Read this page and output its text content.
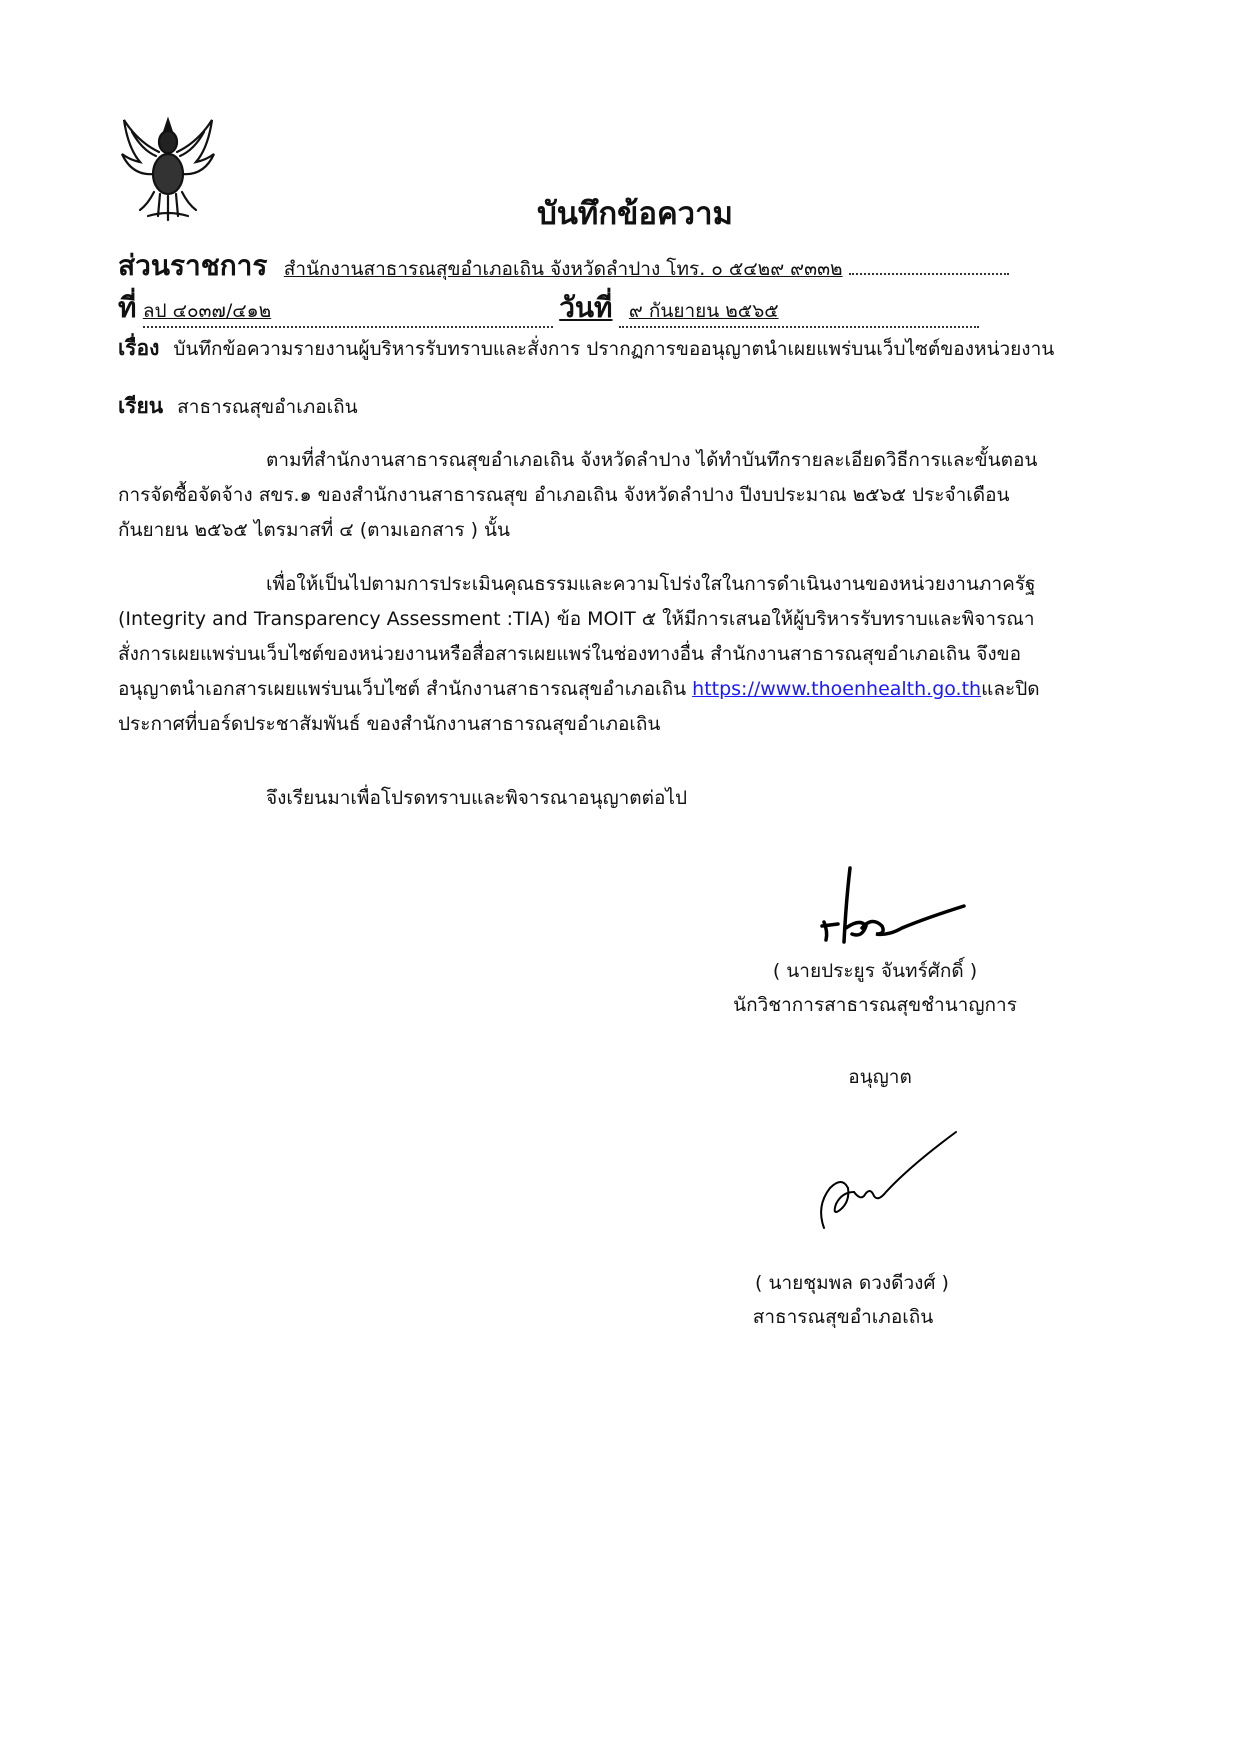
บันทึกข้อความ
ส่วนราชการ สำนักงานสาธารณสุขอำเภอเถิน จังหวัดลำปาง โทร. ๐ ๕๔๒๙ ๙๓๓๒
ที่ ลป ๔๐๓๗/๔๑๒	วันที่ ๙ กันยายน ๒๕๖๕
เรื่อง บันทึกข้อความรายงานผู้บริหารรับทราบและสั่งการ ปรากฏการขออนุญาตนำเผยแพร่บนเว็บไซต์ของหน่วยงาน
เรียน สาธารณสุขอำเภอเถิน
ตามที่สำนักงานสาธารณสุขอำเภอเถิน จังหวัดลำปาง ได้ทำบันทึกรายละเอียดวิธีการและขั้นตอน
การจัดซื้อจัดจ้าง สขร.๑ ของสำนักงานสาธารณสุข อำเภอเถิน จังหวัดลำปาง ปีงบประมาณ ๒๕๖๕ ประจำเดือน
กันยายน ๒๕๖๕ ไตรมาสที่ ๔ (ตามเอกสาร ) นั้น
เพื่อให้เป็นไปตามการประเมินคุณธรรมและความโปร่งใสในการดำเนินงานของหน่วยงานภาครัฐ
(Integrity and Transparency Assessment :TIA) ข้อ MOIT ๕ ให้มีการเสนอให้ผู้บริหารรับทราบและพิจารณา
สั่งการเผยแพร่บนเว็บไซต์ของหน่วยงานหรือสื่อสารเผยแพร่ในช่องทางอื่น สำนักงานสาธารณสุขอำเภอเถิน จึงขอ
อนุญาตนำเอกสารเผยแพร่บนเว็บไซต์ สำนักงานสาธารณสุขอำเภอเถิน https://www.thoenhealth.go.thและปิด
ประกาศที่บอร์ดประชาสัมพันธ์ ของสำนักงานสาธารณสุขอำเภอเถิน
จึงเรียนมาเพื่อโปรดทราบและพิจารณาอนุญาตต่อไป
( นายประยูร จันทร์ศักดิ์ )
นักวิชาการสาธารณสุขชำนาญการ
อนุญาต
( นายชุมพล ดวงดีวงศ์ )
สาธารณสุขอำเภอเถิน
